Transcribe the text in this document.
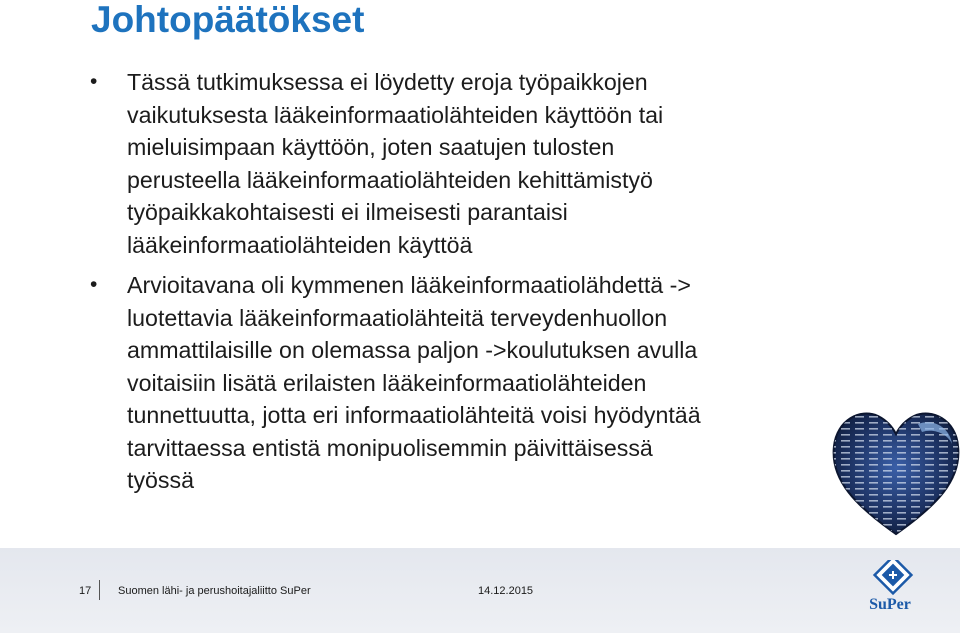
Johtopäätökset
• Tässä tutkimuksessa ei löydetty eroja työpaikkojen
vaikutuksesta lääkeinformaatiolähteiden käyttöön tai
mieluisimpaan käyttöön, joten saatujen tulosten
perusteella lääkeinformaatiolähteiden kehittämistyö
työpaikkakohtaisesti ei ilmeisesti parantaisi
lääkeinformaatiolähteiden käyttöä
• Arvioitavana oli kymmenen lääkeinformaatiolähdettä ->
luotettavia lääkeinformaatiolähteitä terveydenhuollon
ammattilaisille on olemassa paljon ->koulutuksen avulla
voitaisiin lisätä erilaisten lääkeinformaatiolähteiden
tunnettuutta, jotta eri informaatiolähteitä voisi hyödyntää
tarvittaessa entistä monipuolisemmin päivittäisessä
työssä
17 Suomen lähi- ja perushoitajaliitto SuPer	14.12.2015
SuPer
